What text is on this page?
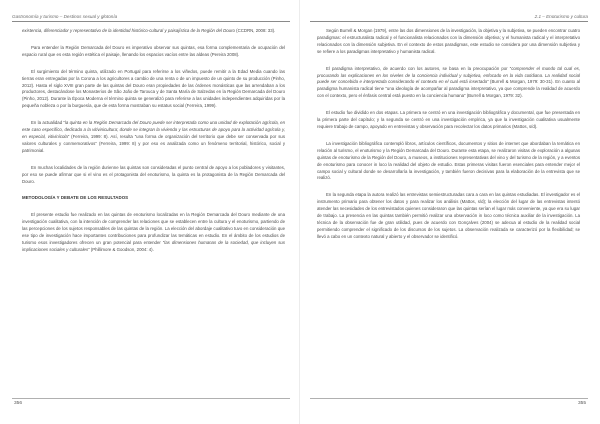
Gastronomía y turismo – Destinos sexual y glotonía

existencia, diferenciador y representativo de la identidad histórico-cultural y paisajística de la Región del Douro (CCDRN, 2008: 33).

Para entender la Región Demarcada del Douro es imperativo observar sus quintas, esa forma complementaria de ocupación del espacio rural que es esta región estética el paisaje, llenando los espacios vacíos entre las aldeas (Pereira 2008).

El surgimiento del término quinta, utilizado en Portugal para referirse a los viñedos, puede remitir a la Edad Media cuando las tierras eran entregadas por la Corona a los agricultores a cambio de una renta o de un impuesto de un quinto de su producción (Pinho, 2012). Hasta el siglo XVIII gran parte de las quintas del Douro eran propiedades de las órdenes monásticas que las arrendaban a los productores, destacándose los Monasterios de São João de Tarouca y de Santa María de Salzedas en la Región Demarcada del Douro (Pinho, 2012). Durante la Época Moderna el término quinta se generalizó para referirse a las unidades independientes adquiridas por la pequeña nobleza o por la burguesía, que de esta forma mostraban su estatus social (Ferreira, 1999).

En la actualidad “la quinta en la Región Demarcada del Douro puede ser interpretada como una unidad de explotación agrícola, en este caso específico, dedicada a la vitivinicultura; donde se integran la vivienda y las estructuras de apoyo para la actividad agrícola y, en especial, vitivinícola” (Ferreira, 1999: 8). Así, resulta “una forma de organización del territorio que debe ser conservada por sus valores culturales y conmemorativos” (Ferreira, 1999: 8) y por eso es analizada como un fenómeno territorial, histórico, social y patrimonial.

En muchas localidades de la región durienne las quintas son consideradas el punto central de apoyo a los pobladores y visitantes, por eso se puede afirmar que si el vino es el protagonista del enoturismo, la quinta es la protagonista de la Región Demarcada del Douro.

METODOLOGÍA Y DEBATE DE LOS RESULTADOS

El presente estudio fue realizado en las quintas de enoturismo localizadas en la Región Demarcada del Douro mediante de una investigación cualitativa, con la intención de comprender las relaciones que se establecen entre la cultura y el enoturismo, partiendo de las percepciones de los sujetos responsables de las quintas de la región. La elección del abordaje cualitativo tuvo en consideración que ese tipo de investigación hace importantes contribuciones para profundizar las temáticas en estudio. En el ámbito de los estudios de turismo esos investigadores ofrecen un gran potencial para entender “las dimensiones humanas de la sociedad, que incluyen sus implicaciones sociales y culturales” (Phillimore & Goodson, 2004: 4).

356
2.1 – Enoturismo y cultura

Según Burrell & Morgan (1979), entre las dos dimensiones de la investigación, la objetiva y la subjetiva, se pueden encontrar cuatro paradigmas: el estructuralista radical y el funcionalista relacionados con la dimensión objetiva; y el humanista radical y el interpretativo relacionados con la dimensión subjetiva. En el contexto de estos paradigmas, este estudio se considera por una dimensión subjetiva y se refiere a los paradigmas interpretativo y humanista radical.

El paradigma interpretativo, de acuerdo con los autores, se basa en la preocupación por “comprender el mundo tal cual es, procurando las explicaciones en los niveles de la conciencia individual y subjetiva, enfocado en la vida cotidiana. La realidad social puede ser concebida e interpretada considerando el contexto en el cual está insertada” (Burrell & Morgan, 1979: 30-31). En cuanto al paradigma humanista radical tiene “una ideología de acompañar al paradigma interpretativo, ya que comprende la realidad de acuerdo con el contexto, pero el énfasis central está puesto en la conciencia humana” (Burrell & Morgan, 1979: 32).

El estudio fue dividido en dos etapas. La primera se centró en una investigación bibliográfica y documental, que fue presentada en la primera parte del capítulo; y la segunda se centró en una investigación empírica, ya que la investigación cualitativa usualmente requiere trabajo de campo, apoyado en entrevistas y observación para recolectar los datos primarios (Mattos, s/d).

La investigación bibliográfica contempló libros, artículos científicos, documentos y sitios de internet que abordaban la temática en relación al turismo, el enoturismo y la Región Demarcada del Douro. Durante esta etapa, se realizaron visitas de exploración a algunas quintas de enoturismo de la Región del Douro, a museos, a instituciones representativas del vino y del turismo de la región, y a eventos de enoturismo para conocer in loco la realidad del objeto de estudio. Estas primeras visitas fueron esenciales para entender mejor el campo social y cultural donde se desarrollaría la investigación, y también fueron decisivas para la elaboración de la entrevista que se realizó.

En la segunda etapa la autora realizó las entrevistas semiestructuradas cara a cara en las quintas estudiadas. El investigador es el instrumento primario para obtener los datos y para realizar los análisis (Mattos, s/d); la elección del lugar de las entrevistas intentó atender las necesidades de los entrevistados quienes consideraron que las quintas serían el lugar más conveniente, ya que era su lugar de trabajo. La presencia en las quintas también permitió realizar una observación in loco como técnica auxiliar de la investigación. La técnica de la observación fue de gran utilidad, pues de acuerdo con Gonçalves (2004) se adecua al estudio de la realidad social permitiendo comprender el significado de los discursos de los sujetos. La observación realizada se caracterizó por la flexibilidad; se llevó a cabo en un contexto natural y abierto y el observador se identificó.

355
